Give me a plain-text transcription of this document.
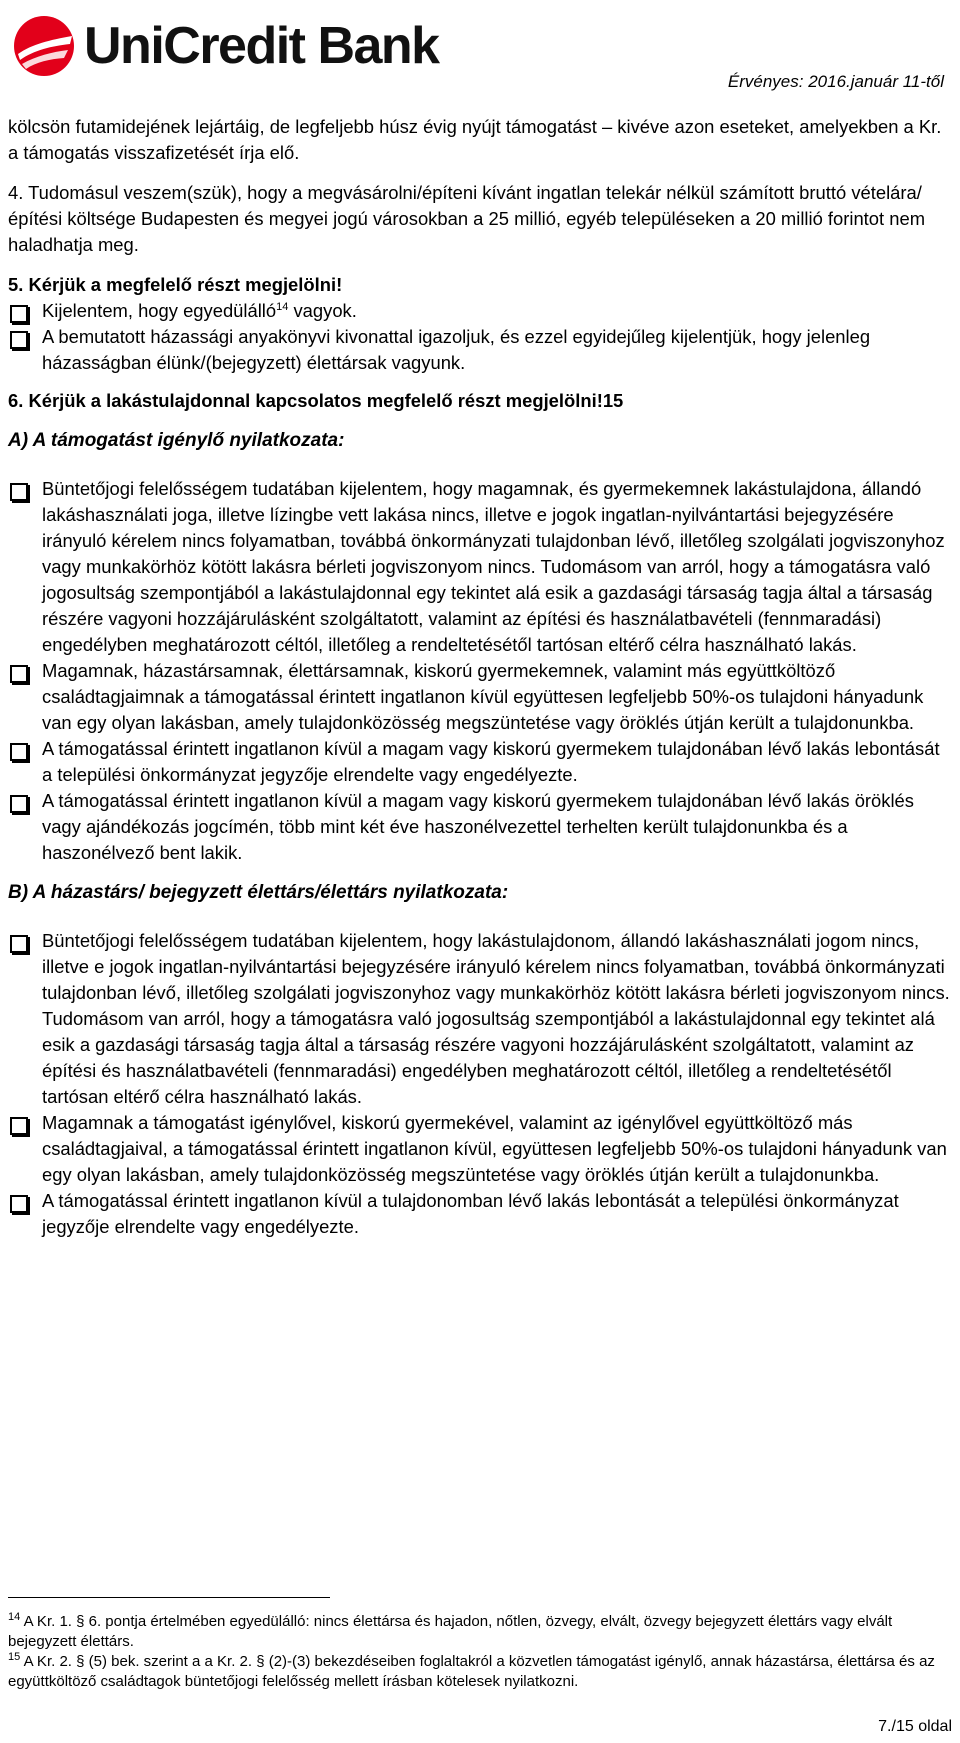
UniCredit Bank
Érvényes: 2016.január 11-től

kölcsön futamidejének lejártáig, de legfeljebb húsz évig nyújt támogatást – kivéve azon eseteket, amelyekben a Kr. a támogatás visszafizetését írja elő.

4. Tudomásul veszem(szük), hogy a megvásárolni/építeni kívánt ingatlan telekár nélkül számított bruttó vételára/építési költsége Budapesten és megyei jogú városokban a 25 millió, egyéb településeken a 20 millió forintot nem haladhatja meg.

5. Kérjük a megfelelő részt megjelölni!

Kijelentem, hogy egyedülálló$^{14}$ vagyok.
A bemutatott házassági anyakönyvi kivonattal igazoljuk, és ezzel egyidejűleg kijelentjük, hogy jelenleg házasságban élünk/(bejegyzett) élettársak vagyunk.

6. Kérjük a lakástulajdonnal kapcsolatos megfelelő részt megjelölni!15

A) A támogatást igénylő nyilatkozata:

Büntetőjogi felelősségem tudatában kijelentem, hogy magamnak, és gyermekemnek lakástulajdona, állandó lakáshasználati joga, illetve lízingbe vett lakása nincs, illetve e jogok ingatlan-nyilvántartási bejegyzésére irányuló kérelem nincs folyamatban, továbbá önkormányzati tulajdonban lévő, illetőleg szolgálati jogviszonyhoz vagy munkakörhöz kötött lakásra bérleti jogviszonyom nincs. Tudomásom van arról, hogy a támogatásra való jogosultság szempontjából a lakástulajdonnal egy tekintet alá esik a gazdasági társaság tagja által a társaság részére vagyoni hozzájárulásként szolgáltatott, valamint az építési és használatbavételi (fennmaradási) engedélyben meghatározott céltól, illetőleg a rendeltetésétől tartósan eltérő célra használható lakás.
Magamnak, házastársamnak, élettársamnak, kiskorú gyermekemnek, valamint más együttköltöző családtagjaimnak a támogatással érintett ingatlanon kívül együttesen legfeljebb 50%-os tulajdoni hányadunk van egy olyan lakásban, amely tulajdonközösség megszüntetése vagy öröklés útján került a tulajdonunkba.
A támogatással érintett ingatlanon kívül a magam vagy kiskorú gyermekem tulajdonában lévő lakás lebontását a települési önkormányzat jegyzője elrendelte vagy engedélyezte.
A támogatással érintett ingatlanon kívül a magam vagy kiskorú gyermekem tulajdonában lévő lakás öröklés vagy ajándékozás jogcímén, több mint két éve haszonélvezettel terhelten került tulajdonunkba és a haszonélvező bent lakik.

B) A házastárs/ bejegyzett élettárs/élettárs nyilatkozata:

Büntetőjogi felelősségem tudatában kijelentem, hogy lakástulajdonom, állandó lakáshasználati jogom nincs, illetve e jogok ingatlan-nyilvántartási bejegyzésére irányuló kérelem nincs folyamatban, továbbá önkormányzati tulajdonban lévő, illetőleg szolgálati jogviszonyhoz vagy munkakörhöz kötött lakásra bérleti jogviszonyom nincs. Tudomásom van arról, hogy a támogatásra való jogosultság szempontjából a lakástulajdonnal egy tekintet alá esik a gazdasági társaság tagja által a társaság részére vagyoni hozzájárulásként szolgáltatott, valamint az építési és használatbavételi (fennmaradási) engedélyben meghatározott céltól, illetőleg a rendeltetésétől tartósan eltérő célra használható lakás.
Magamnak a támogatást igénylővel, kiskorú gyermekével, valamint az igénylővel együttköltöző más családtagjaival, a támogatással érintett ingatlanon kívül, együttesen legfeljebb 50%-os tulajdoni hányadunk van egy olyan lakásban, amely tulajdonközösség megszüntetése vagy öröklés útján került a tulajdonunkba.
A támogatással érintett ingatlanon kívül a tulajdonomban lévő lakás lebontását a települési önkormányzat jegyzője elrendelte vagy engedélyezte.

$^{14}$ A Kr. 1. § 6. pontja értelmében egyedülálló: nincs élettársa és hajadon, nőtlen, özvegy, elvált, özvegy bejegyzett élettárs vagy elvált bejegyzett élettárs.

$^{15}$ A Kr. 2. § (5) bek. szerint a a Kr. 2. § (2)-(3) bekezdéseiben foglaltakról a közvetlen támogatást igénylő, annak házastársa, élettársa és az együttköltöző családtagok büntetőjogi felelősség mellett írásban kötelesek nyilatkozni.

7./15 oldal
